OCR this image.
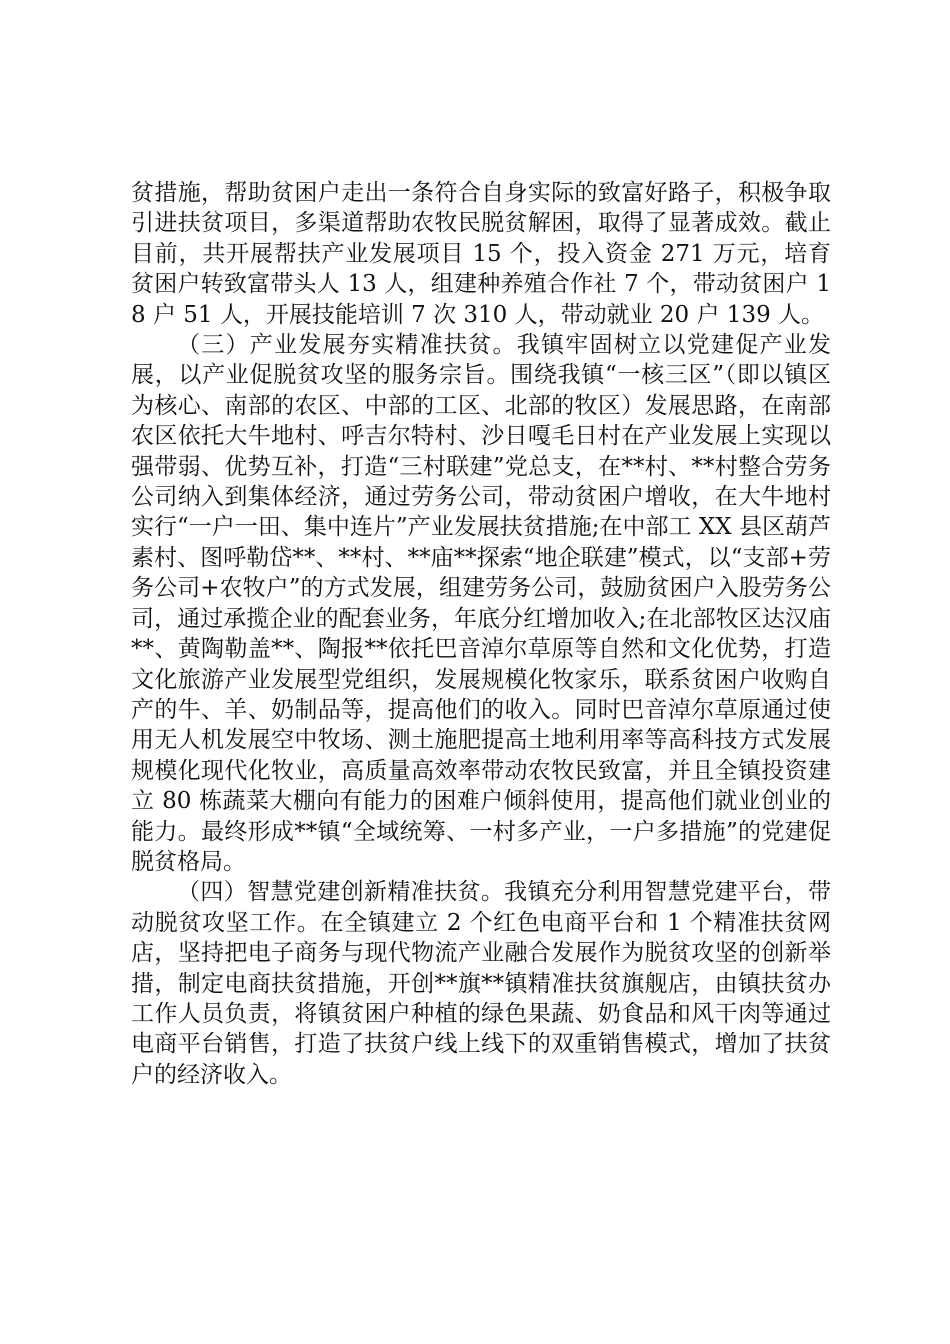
贫措施，帮助贫困户走出一条符合自身实际的致富好路子，积极争取引进扶贫项目，多渠道帮助农牧民脱贫解困，取得了显著成效。截止目前，共开展帮扶产业发展项目 15 个，投入资金 271 万元，培育贫困户转致富带头人 13 人，组建种养殖合作社 7 个，带动贫困户 18 户 51 人，开展技能培训 7 次 310 人，带动就业 20 户 139 人。

（三）产业发展夯实精准扶贫。我镇牢固树立以党建促产业发展，以产业促脱贫攻坚的服务宗旨。围绕我镇“一核三区”（即以镇区为核心、南部的农区、中部的工区、北部的牧区）发展思路，在南部农区依托大牛地村、呼吉尔特村、沙日嘎毛日村在产业发展上实现以强带弱、优势互补，打造“三村联建”党总支，在**村、**村整合劳务公司纳入到集体经济，通过劳务公司，带动贫困户增收，在大牛地村实行“一户一田、集中连片”产业发展扶贫措施;在中部工 XX 县区葫芦素村、图呼勒岱**、**村、**庙**探索“地企联建”模式，以“支部+劳务公司+农牧户”的方式发展，组建劳务公司，鼓励贫困户入股劳务公司，通过承揽企业的配套业务，年底分红增加收入;在北部牧区达汉庙**、黄陶勒盖**、陶报**依托巴音淖尔草原等自然和文化优势，打造文化旅游产业发展型党组织，发展规模化牧家乐，联系贫困户收购自产的牛、羊、奶制品等，提高他们的收入。同时巴音淖尔草原通过使用无人机发展空中牧场、测土施肥提高土地利用率等高科技方式发展规模化现代化牧业，高质量高效率带动农牧民致富，并且全镇投资建立 80 栋蔬菜大棚向有能力的困难户倾斜使用，提高他们就业创业的能力。最终形成**镇“全域统筹、一村多产业，一户多措施”的党建促脱贫格局。

（四）智慧党建创新精准扶贫。我镇充分利用智慧党建平台，带动脱贫攻坚工作。在全镇建立 2 个红色电商平台和 1 个精准扶贫网店，坚持把电子商务与现代物流产业融合发展作为脱贫攻坚的创新举措，制定电商扶贫措施，开创**旗**镇精准扶贫旗舰店，由镇扶贫办工作人员负责，将镇贫困户种植的绿色果蔬、奶食品和风干肉等通过电商平台销售，打造了扶贫户线上线下的双重销售模式，增加了扶贫户的经济收入。
